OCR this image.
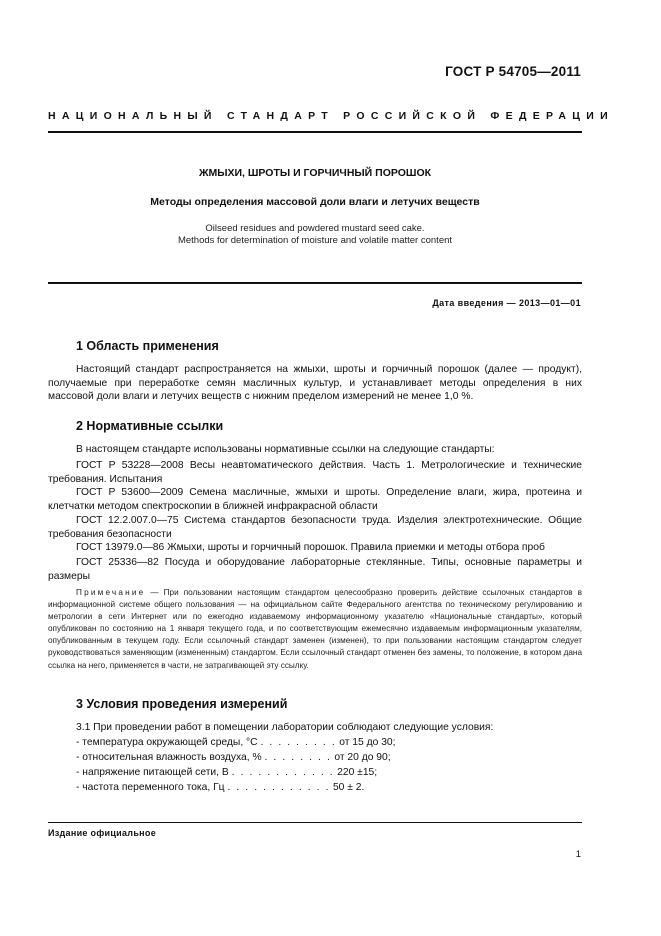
ГОСТ Р 54705—2011
НАЦИОНАЛЬНЫЙ СТАНДАРТ РОССИЙСКОЙ ФЕДЕРАЦИИ
ЖМЫХИ, ШРОТЫ И ГОРЧИЧНЫЙ ПОРОШОК
Методы определения массовой доли влаги и летучих веществ
Oilseed residues and powdered mustard seed cake.
Methods for determination of moisture and volatile matter content
Дата введения — 2013—01—01
1 Область применения
Настоящий стандарт распространяется на жмыхи, шроты и горчичный порошок (далее — продукт), получаемые при переработке семян масличных культур, и устанавливает методы определения в них массовой доли влаги и летучих веществ с нижним пределом измерений не менее 1,0 %.
2 Нормативные ссылки
В настоящем стандарте использованы нормативные ссылки на следующие стандарты:
ГОСТ Р 53228—2008 Весы неавтоматического действия. Часть 1. Метрологические и технические требования. Испытания
ГОСТ Р 53600—2009 Семена масличные, жмыхи и шроты. Определение влаги, жира, протеина и клетчатки методом спектроскопии в ближней инфракрасной области
ГОСТ 12.2.007.0—75 Система стандартов безопасности труда. Изделия электротехнические. Общие требования безопасности
ГОСТ 13979.0—86 Жмыхи, шроты и горчичный порошок. Правила приемки и методы отбора проб
ГОСТ 25336—82 Посуда и оборудование лабораторные стеклянные. Типы, основные параметры и размеры
Примечание — При пользовании настоящим стандартом целесообразно проверить действие ссылочных стандартов в информационной системе общего пользования — на официальном сайте Федерального агентства по техническому регулированию и метрологии в сети Интернет или по ежегодно издаваемому информационному указателю «Национальные стандарты», который опубликован по состоянию на 1 января текущего года, и по соответствующим ежемесячно издаваемым информационным указателям, опубликованным в текущем году. Если ссылочный стандарт заменен (изменен), то при пользовании настоящим стандартом следует руководствоваться заменяющим (измененным) стандартом. Если ссылочный стандарт отменен без замены, то положение, в котором дана ссылка на него, применяется в части, не затрагивающей эту ссылку.
3 Условия проведения измерений
3.1 При проведении работ в помещении лаборатории соблюдают следующие условия:
- температура окружающей среды, °С . . . . . . . . . от 15 до 30;
- относительная влажность воздуха, % . . . . . . . . от 20 до 90;
- напряжение питающей сети, В . . . . . . . . . . . . 220 ±15;
- частота переменного тока, Гц . . . . . . . . . . . . 50 ± 2.
Издание официальное
1
